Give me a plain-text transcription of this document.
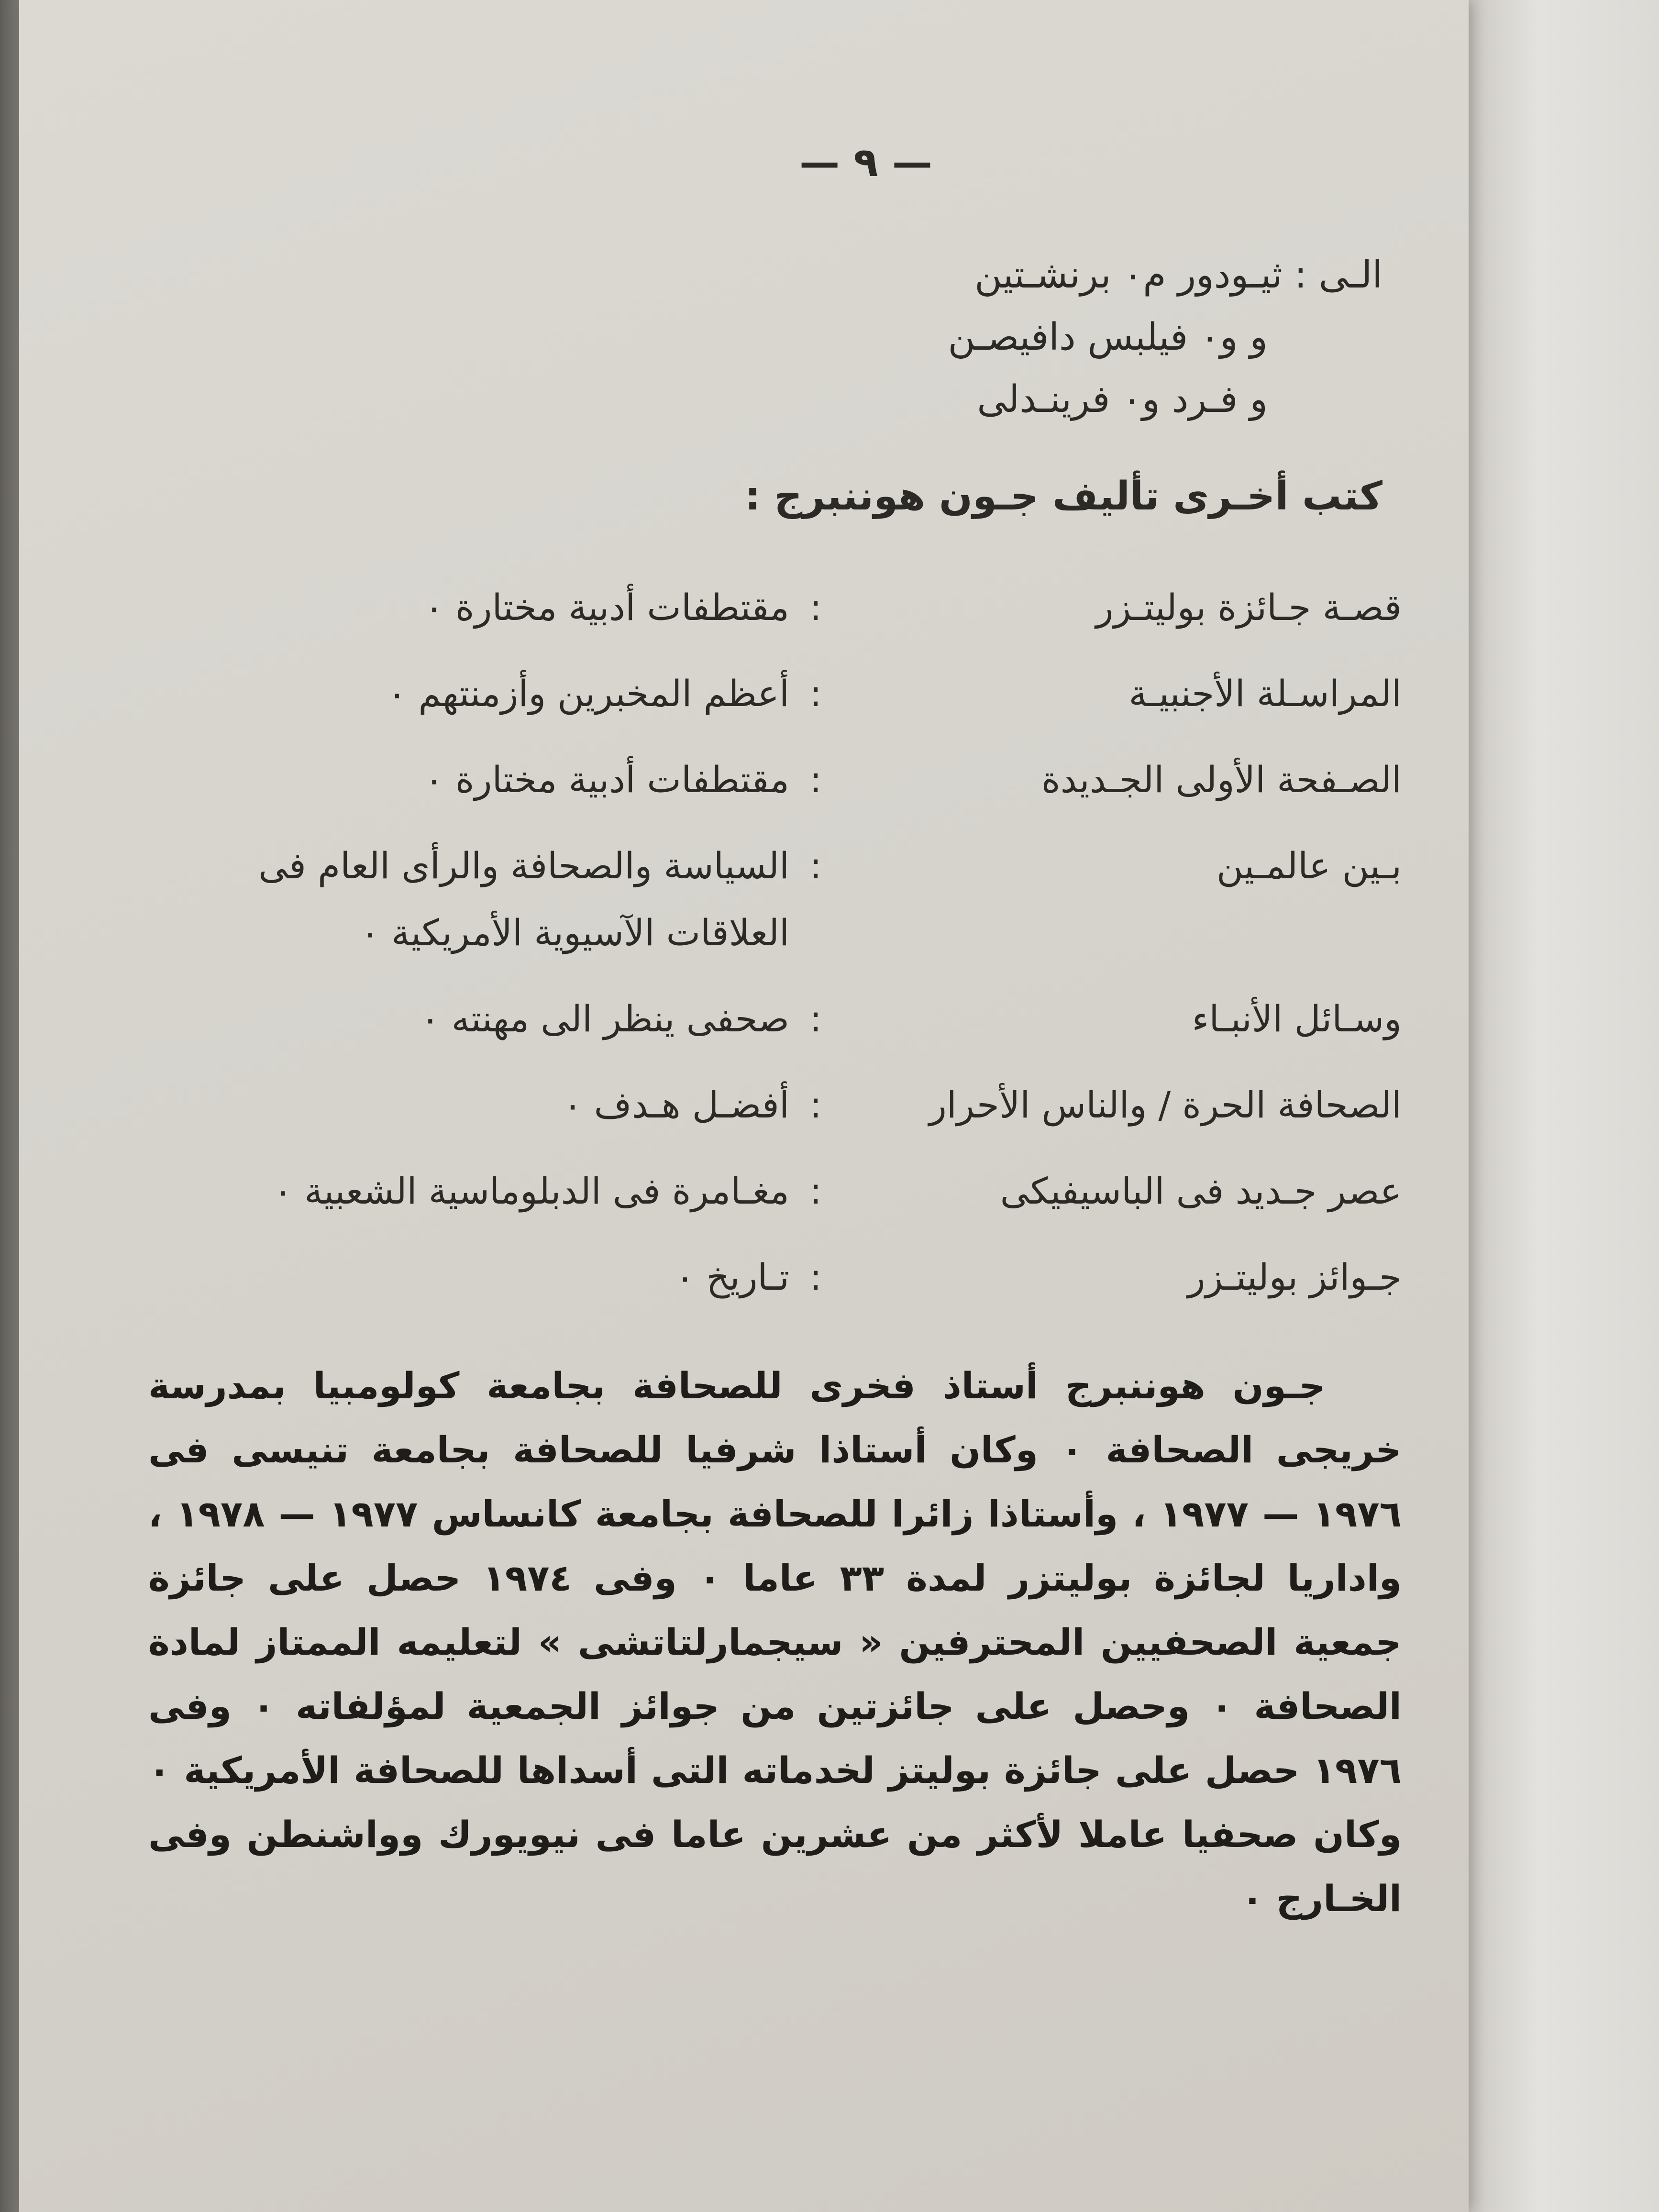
— ٩ —
الـى : ثيـودور م٠ برنشـتين
و و٠ فيلبس دافيصـن
و فـرد و٠ فرينـدلى
كتب أخـرى تأليف جـون هوننبرج :
قصـة جـائزة بوليتـزر
:
مقتطفات أدبية مختارة ٠
المراسـلة الأجنبيـة
:
أعظم المخبرين وأزمنتهم ٠
الصـفحة الأولى الجـديدة
:
مقتطفات أدبية مختارة ٠
بـين عالمـين
:
السياسة والصحافة والرأى العام فى العلاقات الآسيوية الأمريكية ٠
وسـائل الأنبـاء
:
صحفى ينظر الى مهنته ٠
الصحافة الحرة / والناس الأحرار
:
أفضـل هـدف ٠
عصر جـديد فى الباسيفيكى
:
مغـامرة فى الدبلوماسية الشعبية ٠
جـوائز بوليتـزر
:
تـاريخ ٠
جـون هوننبرج أستاذ فخرى للصحافة بجامعة كولومبيا بمدرسة خريجى الصحافة ٠ وكان أستاذا شرفيا للصحافة بجامعة تنيسى فى ١٩٧٦ — ١٩٧٧ ، وأستاذا زائرا للصحافة بجامعة كانساس ١٩٧٧ — ١٩٧٨ ، واداريا لجائزة بوليتزر لمدة ٣٣ عاما ٠ وفى ١٩٧٤ حصل على جائزة جمعية الصحفيين المحترفين « سيجمارلتاتشى » لتعليمه الممتاز لمادة الصحافة ٠ وحصل على جائزتين من جوائز الجمعية لمؤلفاته ٠ وفى ١٩٧٦ حصل على جائزة بوليتز لخدماته التى أسداها للصحافة الأمريكية ٠ وكان صحفيا عاملا لأكثر من عشرين عاما فى نيويورك وواشنطن وفى الخـارج ٠
